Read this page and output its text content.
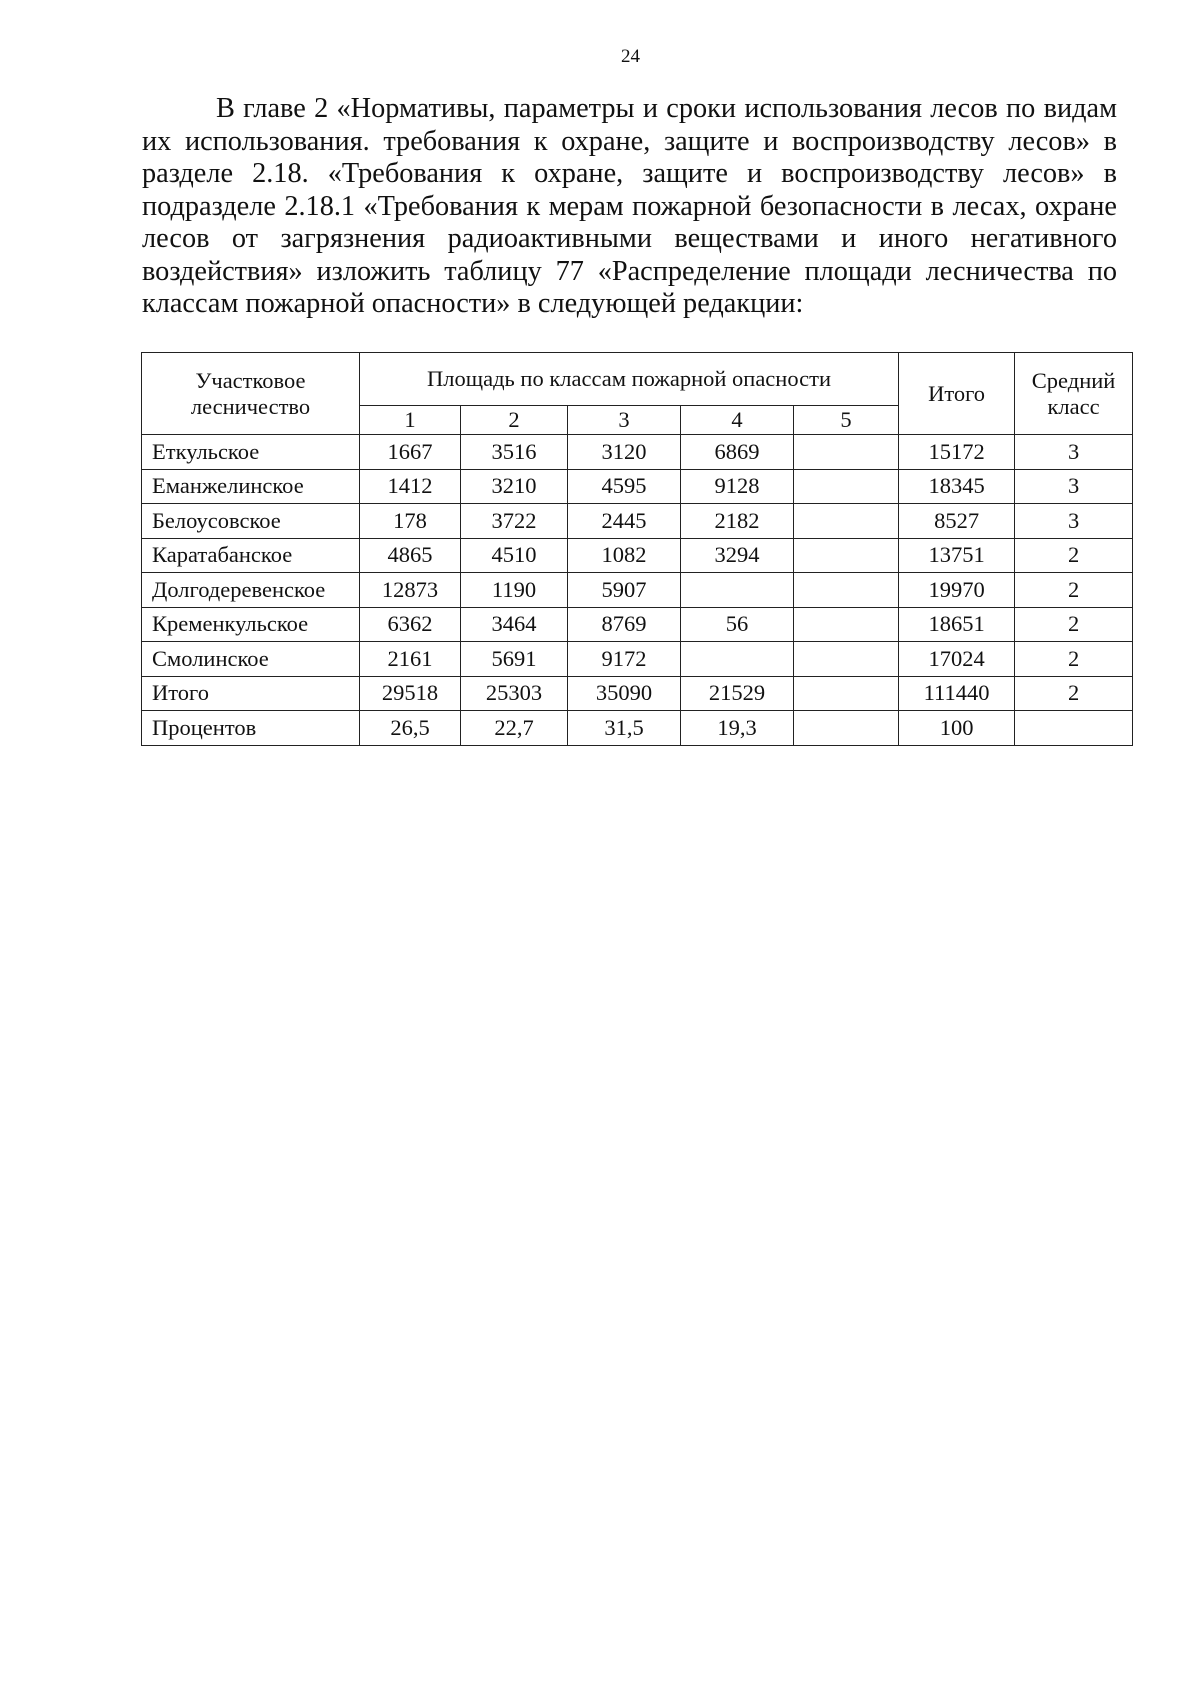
24

В главе 2 «Нормативы, параметры и сроки использования лесов по видам их использования. требования к охране, защите и воспроизводству лесов» в разделе 2.18. «Требования к охране, защите и воспроизводству лесов» в подразделе 2.18.1 «Требования к мерам пожарной безопасности в лесах, охране лесов от загрязнения радиоактивными веществами и иного негативного воздействия» изложить таблицу 77 «Распределение площади лесничества по классам пожарной опасности» в следующей редакции:

Участковое лесничество	Площадь по классам пожарной опасности					Итого	Средний класс
	1	2	3	4	5		
Еткульское	1667	3516	3120	6869		15172	3
Еманжелинское	1412	3210	4595	9128		18345	3
Белоусовское	178	3722	2445	2182		8527	3
Каратабанское	4865	4510	1082	3294		13751	2
Долгодеревенское	12873	1190	5907			19970	2
Кременкульское	6362	3464	8769	56		18651	2
Смолинское	2161	5691	9172			17024	2
Итого	29518	25303	35090	21529		111440	2
Процентов	26,5	22,7	31,5	19,3		100	
